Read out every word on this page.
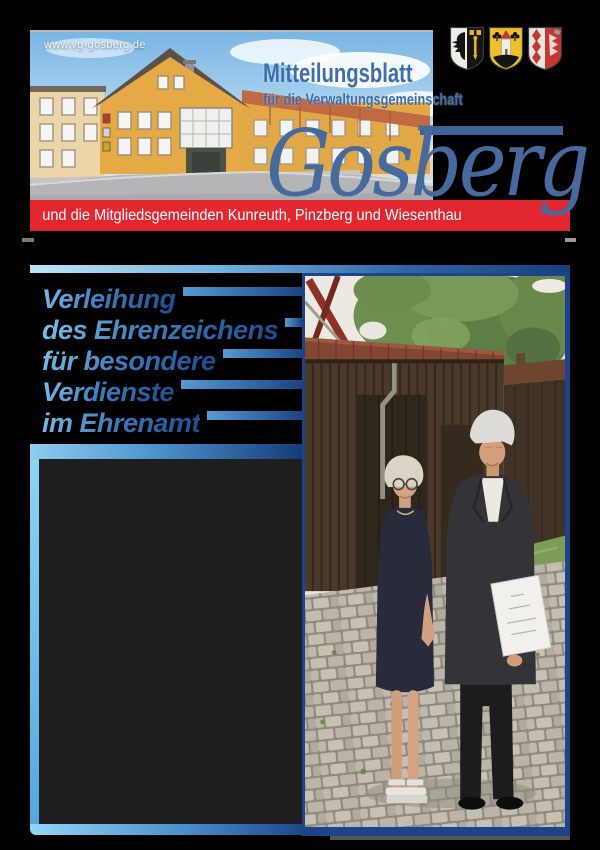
www.vg-gosberg.de
Mitteilungsblatt
für die Verwaltungsgemeinschaft
Gosberg
und die Mitgliedsgemeinden Kunreuth, Pinzberg und Wiesenthau
Verleihung
des Ehrenzeichens
für besondere
Verdienste
im Ehrenamt
